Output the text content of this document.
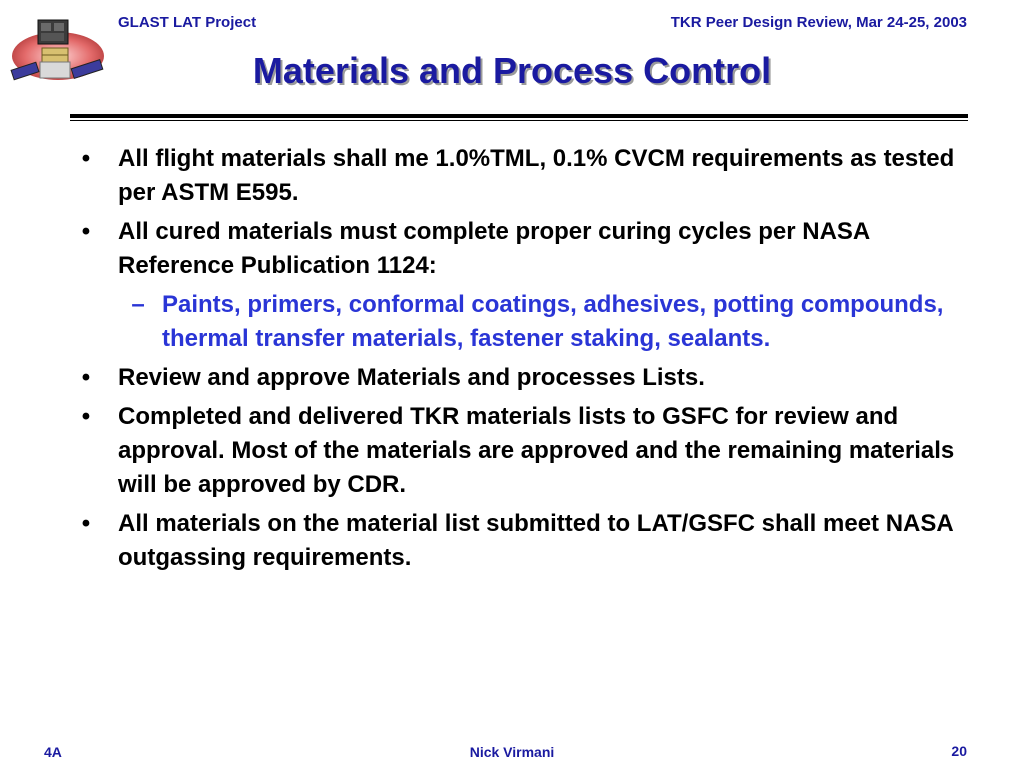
GLAST LAT Project	TKR Peer Design Review, Mar 24-25, 2003
Materials and Process Control
• All flight materials shall me 1.0%TML, 0.1% CVCM requirements as tested per ASTM E595.
• All cured materials must complete proper curing cycles per NASA Reference Publication 1124:
– Paints, primers, conformal coatings, adhesives, potting compounds, thermal transfer materials, fastener staking, sealants.
• Review and approve Materials and processes Lists.
• Completed and delivered TKR materials lists to GSFC for review and approval. Most of the materials are approved and the remaining materials will be approved by CDR.
• All materials on the material list submitted to LAT/GSFC shall meet NASA outgassing requirements.
4A	Nick Virmani	20
